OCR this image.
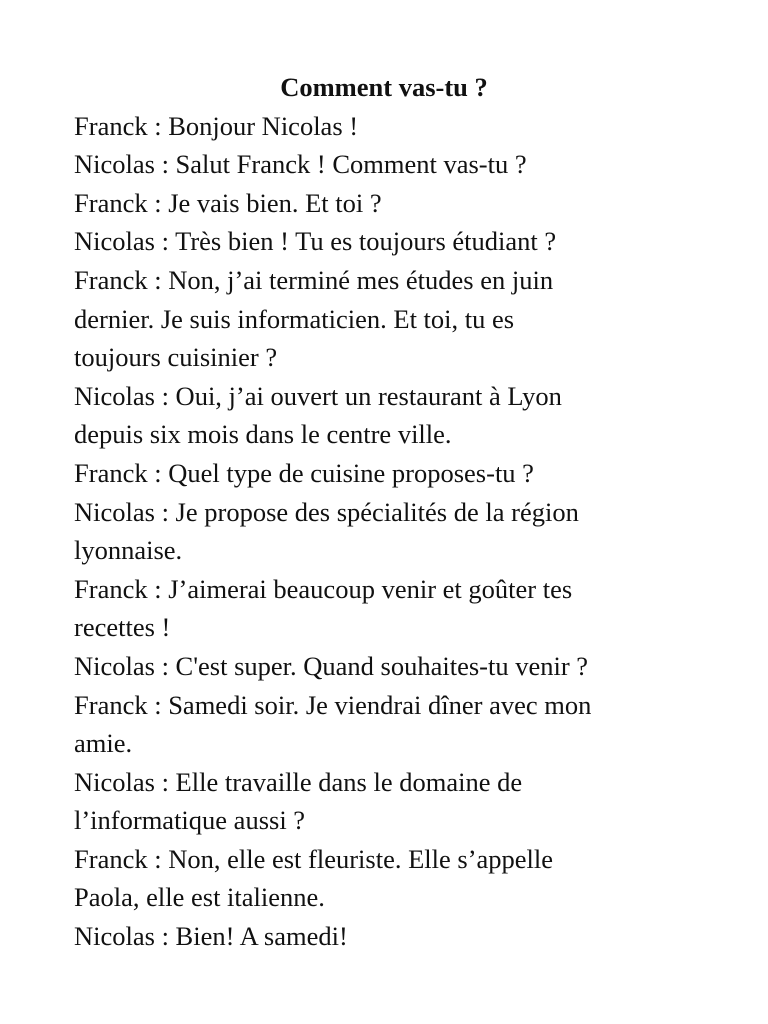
Comment vas-tu ?
Franck : Bonjour Nicolas !
Nicolas : Salut Franck ! Comment vas-tu ?
Franck : Je vais bien. Et toi ?
Nicolas : Très bien ! Tu es toujours étudiant ?
Franck : Non, j’ai terminé mes études en juin
dernier. Je suis informaticien. Et toi, tu es
toujours cuisinier ?
Nicolas : Oui, j’ai ouvert un restaurant à Lyon
depuis six mois dans le centre ville.
Franck : Quel type de cuisine proposes-tu ?
Nicolas : Je propose des spécialités de la région
lyonnaise.
Franck : J’aimerai beaucoup venir et goûter tes
recettes !
Nicolas : C'est super. Quand souhaites-tu venir ?
Franck : Samedi soir. Je viendrai dîner avec mon
amie.
Nicolas : Elle travaille dans le domaine de
l’informatique aussi ?
Franck : Non, elle est fleuriste. Elle s’appelle
Paola, elle est italienne.
Nicolas : Bien! A samedi!
